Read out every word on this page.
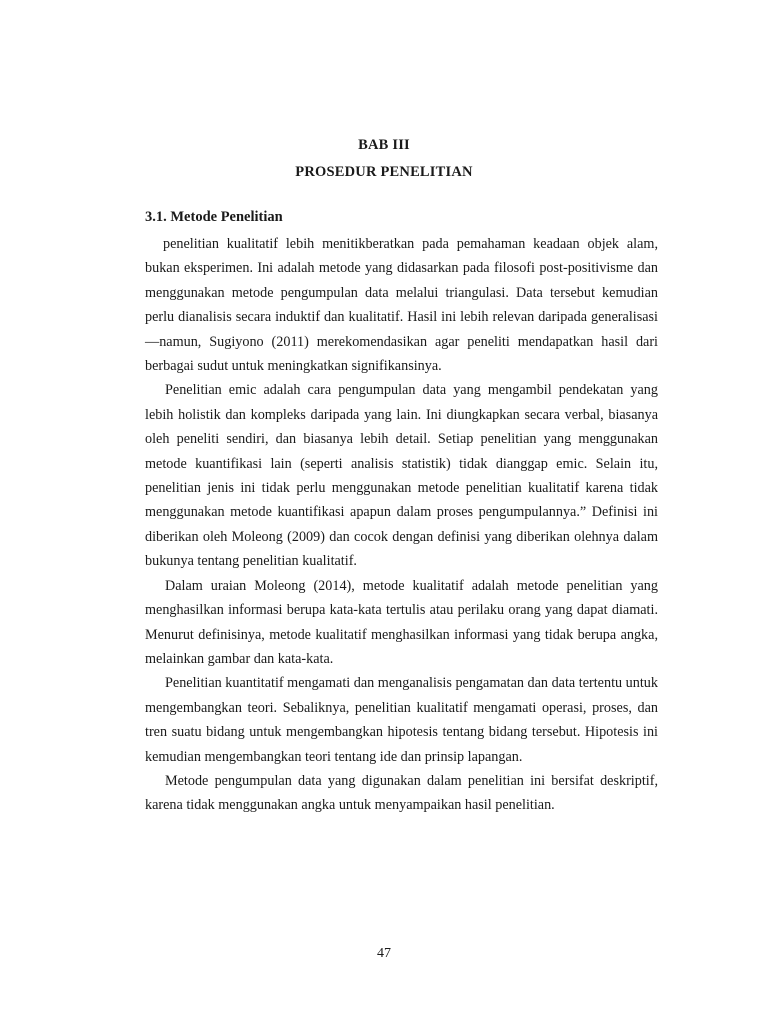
BAB III
PROSEDUR PENELITIAN
3.1. Metode Penelitian

penelitian kualitatif lebih menitikberatkan pada pemahaman keadaan objek alam, bukan eksperimen. Ini adalah metode yang didasarkan pada filosofi post-positivisme dan menggunakan metode pengumpulan data melalui triangulasi. Data tersebut kemudian perlu dianalisis secara induktif dan kualitatif. Hasil ini lebih relevan daripada generalisasi—namun, Sugiyono (2011) merekomendasikan agar peneliti mendapatkan hasil dari berbagai sudut untuk meningkatkan signifikansinya.

Penelitian emic adalah cara pengumpulan data yang mengambil pendekatan yang lebih holistik dan kompleks daripada yang lain. Ini diungkapkan secara verbal, biasanya oleh peneliti sendiri, dan biasanya lebih detail. Setiap penelitian yang menggunakan metode kuantifikasi lain (seperti analisis statistik) tidak dianggap emic. Selain itu, penelitian jenis ini tidak perlu menggunakan metode penelitian kualitatif karena tidak menggunakan metode kuantifikasi apapun dalam proses pengumpulannya.” Definisi ini diberikan oleh Moleong (2009) dan cocok dengan definisi yang diberikan olehnya dalam bukunya tentang penelitian kualitatif.

Dalam uraian Moleong (2014), metode kualitatif adalah metode penelitian yang menghasilkan informasi berupa kata-kata tertulis atau perilaku orang yang dapat diamati. Menurut definisinya, metode kualitatif menghasilkan informasi yang tidak berupa angka, melainkan gambar dan kata-kata.

Penelitian kuantitatif mengamati dan menganalisis pengamatan dan data tertentu untuk mengembangkan teori. Sebaliknya, penelitian kualitatif mengamati operasi, proses, dan tren suatu bidang untuk mengembangkan hipotesis tentang bidang tersebut. Hipotesis ini kemudian mengembangkan teori tentang ide dan prinsip lapangan.

Metode pengumpulan data yang digunakan dalam penelitian ini bersifat deskriptif, karena tidak menggunakan angka untuk menyampaikan hasil penelitian.

47
